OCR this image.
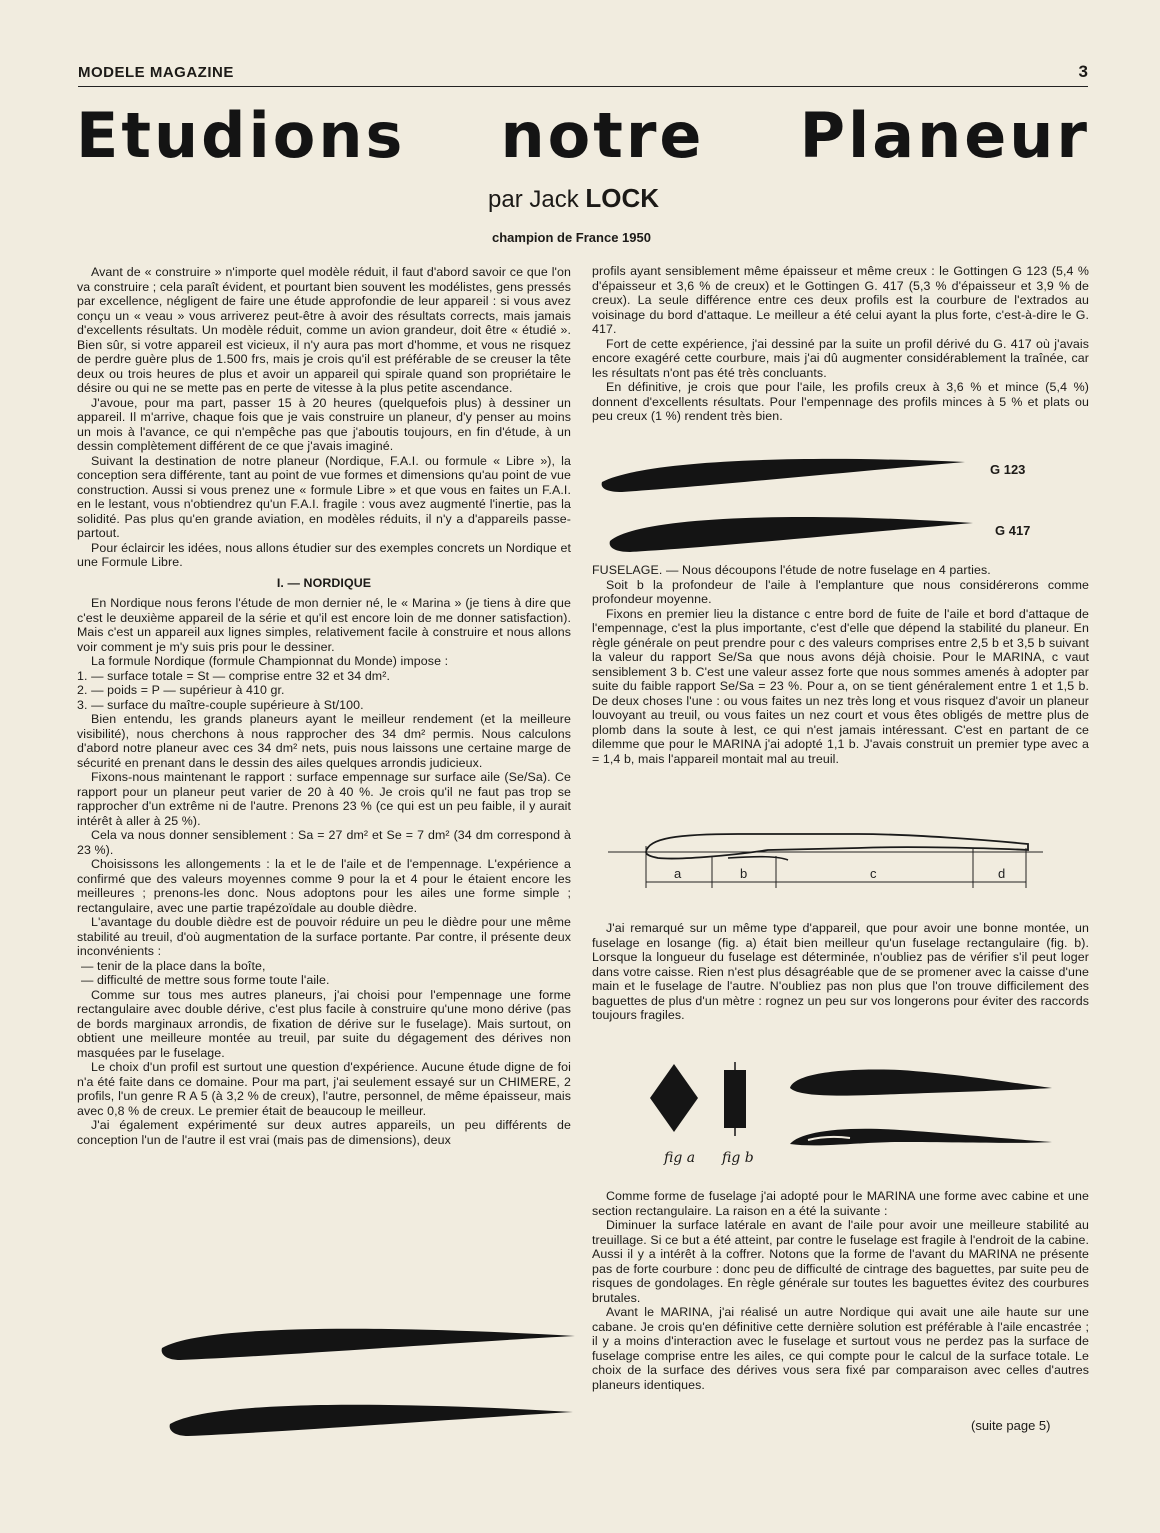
MODELE MAGAZINE	3
Etudions notre Planeur
par Jack LOCK
champion de France 1950

Avant de « construire » n'importe quel modèle réduit, il faut d'abord savoir ce que l'on va construire ; cela paraît évident, et pourtant bien souvent les modélistes, gens pressés par excellence, négligent de faire une étude approfondie de leur appareil : si vous avez conçu un « veau » vous arriverez peut-être à avoir des résultats corrects, mais jamais d'excellents résultats. Un modèle réduit, comme un avion grandeur, doit être « étudié ». Bien sûr, si votre appareil est vicieux, il n'y aura pas mort d'homme, et vous ne risquez de perdre guère plus de 1.500 frs, mais je crois qu'il est préférable de se creuser la tête deux ou trois heures de plus et avoir un appareil qui spirale quand son propriétaire le désire ou qui ne se mette pas en perte de vitesse à la plus petite ascendance.

J'avoue, pour ma part, passer 15 à 20 heures (quelquefois plus) à dessiner un appareil. Il m'arrive, chaque fois que je vais construire un planeur, d'y penser au moins un mois à l'avance, ce qui n'empêche pas que j'aboutis toujours, en fin d'étude, à un dessin complètement différent de ce que j'avais imaginé.

Suivant la destination de notre planeur (Nordique, F.A.I. ou formule « Libre »), la conception sera différente, tant au point de vue formes et dimensions qu'au point de vue construction. Aussi si vous prenez une « formule Libre » et que vous en faites un F.A.I. en le lestant, vous n'obtiendrez qu'un F.A.I. fragile : vous avez augmenté l'inertie, pas la solidité. Pas plus qu'en grande aviation, en modèles réduits, il n'y a d'appareils passe-partout.

Pour éclaircir les idées, nous allons étudier sur des exemples concrets un Nordique et une Formule Libre.

I. — NORDIQUE

En Nordique nous ferons l'étude de mon dernier né, le « Marina » (je tiens à dire que c'est le deuxième appareil de la série et qu'il est encore loin de me donner satisfaction). Mais c'est un appareil aux lignes simples, relativement facile à construire et nous allons voir comment je m'y suis pris pour le dessiner.

La formule Nordique (formule Championnat du Monde) impose :

1. — surface totale = St — comprise entre 32 et 34 dm².

2. — poids = P — supérieur à 410 gr.

3. — surface du maître-couple supérieure à St/100.

Bien entendu, les grands planeurs ayant le meilleur rendement (et la meilleure visibilité), nous cherchons à nous rapprocher des 34 dm² permis. Nous calculons d'abord notre planeur avec ces 34 dm² nets, puis nous laissons une certaine marge de sécurité en prenant dans le dessin des ailes quelques arrondis judicieux.

Fixons-nous maintenant le rapport : surface empennage sur surface aile (Se/Sa). Ce rapport pour un planeur peut varier de 20 à 40 %. Je crois qu'il ne faut pas trop se rapprocher d'un extrême ni de l'autre. Prenons 23 % (ce qui est un peu faible, il y aurait intérêt à aller à 25 %).

Cela va nous donner sensiblement : Sa = 27 dm² et Se = 7 dm² (34 dm correspond à 23 %).

Choisissons les allongements : la et le de l'aile et de l'empennage. L'expérience a confirmé que des valeurs moyennes comme 9 pour la et 4 pour le étaient encore les meilleures ; prenons-les donc. Nous adoptons pour les ailes une forme simple ; rectangulaire, avec une partie trapézoïdale au double dièdre.

L'avantage du double dièdre est de pouvoir réduire un peu le dièdre pour une même stabilité au treuil, d'où augmentation de la surface portante. Par contre, il présente deux inconvénients :

— tenir de la place dans la boîte,

— difficulté de mettre sous forme toute l'aile.

Comme sur tous mes autres planeurs, j'ai choisi pour l'empennage une forme rectangulaire avec double dérive, c'est plus facile à construire qu'une mono dérive (pas de bords marginaux arrondis, de fixation de dérive sur le fuselage). Mais surtout, on obtient une meilleure montée au treuil, par suite du dégagement des dérives non masquées par le fuselage.

Le choix d'un profil est surtout une question d'expérience. Aucune étude digne de foi n'a été faite dans ce domaine. Pour ma part, j'ai seulement essayé sur un CHIMERE, 2 profils, l'un genre R A 5 (à 3,2 % de creux), l'autre, personnel, de même épaisseur, mais avec 0,8 % de creux. Le premier était de beaucoup le meilleur.

J'ai également expérimenté sur deux autres appareils, un peu différents de conception l'un de l'autre il est vrai (mais pas de dimensions), deux

profils ayant sensiblement même épaisseur et même creux : le Gottingen G 123 (5,4 % d'épaisseur et 3,6 % de creux) et le Gottingen G. 417 (5,3 % d'épaisseur et 3,9 % de creux). La seule différence entre ces deux profils est la courbure de l'extrados au voisinage du bord d'attaque. Le meilleur a été celui ayant la plus forte, c'est-à-dire le G. 417.

Fort de cette expérience, j'ai dessiné par la suite un profil dérivé du G. 417 où j'avais encore exagéré cette courbure, mais j'ai dû augmenter considérablement la traînée, car les résultats n'ont pas été très concluants.

En définitive, je crois que pour l'aile, les profils creux à 3,6 % et mince (5,4 %) donnent d'excellents résultats. Pour l'empennage des profils minces à 5 % et plats ou peu creux (1 %) rendent très bien.

G 123
G 417

FUSELAGE. — Nous découpons l'étude de notre fuselage en 4 parties.

Soit b la profondeur de l'aile à l'emplanture que nous considérerons comme profondeur moyenne.

Fixons en premier lieu la distance c entre bord de fuite de l'aile et bord d'attaque de l'empennage, c'est la plus importante, c'est d'elle que dépend la stabilité du planeur. En règle générale on peut prendre pour c des valeurs comprises entre 2,5 b et 3,5 b suivant la valeur du rapport Se/Sa que nous avons déjà choisie. Pour le MARINA, c vaut sensiblement 3 b. C'est une valeur assez forte que nous sommes amenés à adopter par suite du faible rapport Se/Sa = 23 %. Pour a, on se tient généralement entre 1 et 1,5 b. De deux choses l'une : ou vous faites un nez très long et vous risquez d'avoir un planeur louvoyant au treuil, ou vous faites un nez court et vous êtes obligés de mettre plus de plomb dans la soute à lest, ce qui n'est jamais intéressant. C'est en partant de ce dilemme que pour le MARINA j'ai adopté 1,1 b. J'avais construit un premier type avec a = 1,4 b, mais l'appareil montait mal au treuil.

a	b	c	d

J'ai remarqué sur un même type d'appareil, que pour avoir une bonne montée, un fuselage en losange (fig. a) était bien meilleur qu'un fuselage rectangulaire (fig. b). Lorsque la longueur du fuselage est déterminée, n'oubliez pas de vérifier s'il peut loger dans votre caisse. Rien n'est plus désagréable que de se promener avec la caisse d'une main et le fuselage de l'autre. N'oubliez pas non plus que l'on trouve difficilement des baguettes de plus d'un mètre : rognez un peu sur vos longerons pour éviter des raccords toujours fragiles.

fig a fig b

Comme forme de fuselage j'ai adopté pour le MARINA une forme avec cabine et une section rectangulaire. La raison en a été la suivante :

Diminuer la surface latérale en avant de l'aile pour avoir une meilleure stabilité au treuillage. Si ce but a été atteint, par contre le fuselage est fragile à l'endroit de la cabine. Aussi il y a intérêt à la coffrer. Notons que la forme de l'avant du MARINA ne présente pas de forte courbure : donc peu de difficulté de cintrage des baguettes, par suite peu de risques de gondolages. En règle générale sur toutes les baguettes évitez des courbures brutales.

Avant le MARINA, j'ai réalisé un autre Nordique qui avait une aile haute sur une cabane. Je crois qu'en définitive cette dernière solution est préférable à l'aile encastrée ; il y a moins d'interaction avec le fuselage et surtout vous ne perdez pas la surface de fuselage comprise entre les ailes, ce qui compte pour le calcul de la surface totale. Le choix de la surface des dérives vous sera fixé par comparaison avec celles d'autres planeurs identiques.

(suite page 5)
